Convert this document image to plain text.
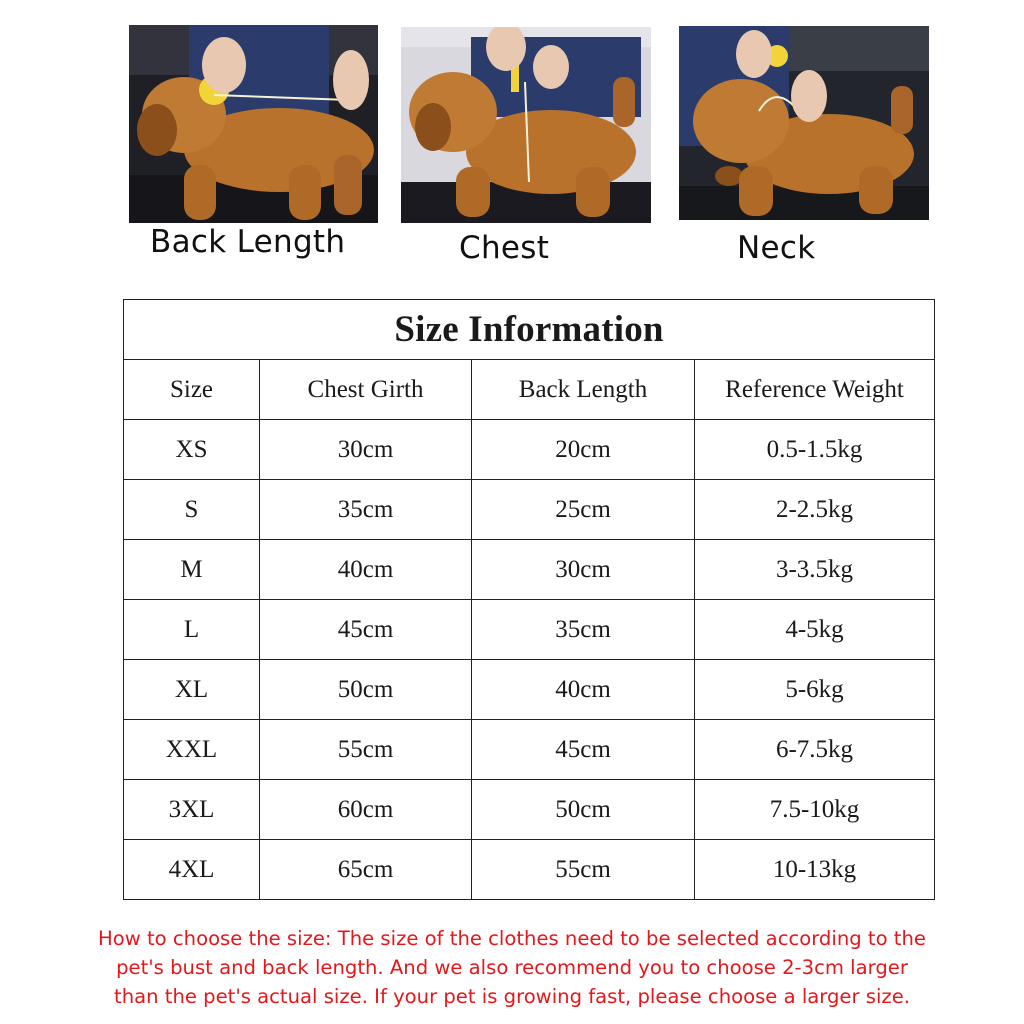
Back Length	Chest	Neck
Size Information			
Size	Chest Girth	Back Length	Reference Weight
XS	30cm	20cm	0.5-1.5kg
S	35cm	25cm	2-2.5kg
M	40cm	30cm	3-3.5kg
L	45cm	35cm	4-5kg
XL	50cm	40cm	5-6kg
XXL	55cm	45cm	6-7.5kg
3XL	60cm	50cm	7.5-10kg
4XL	65cm	55cm	10-13kg
How to choose the size: The size of the clothes need to be selected according to the
pet's bust and back length. And we also recommend you to choose 2-3cm larger
than the pet's actual size. If your pet is growing fast, please choose a larger size.
